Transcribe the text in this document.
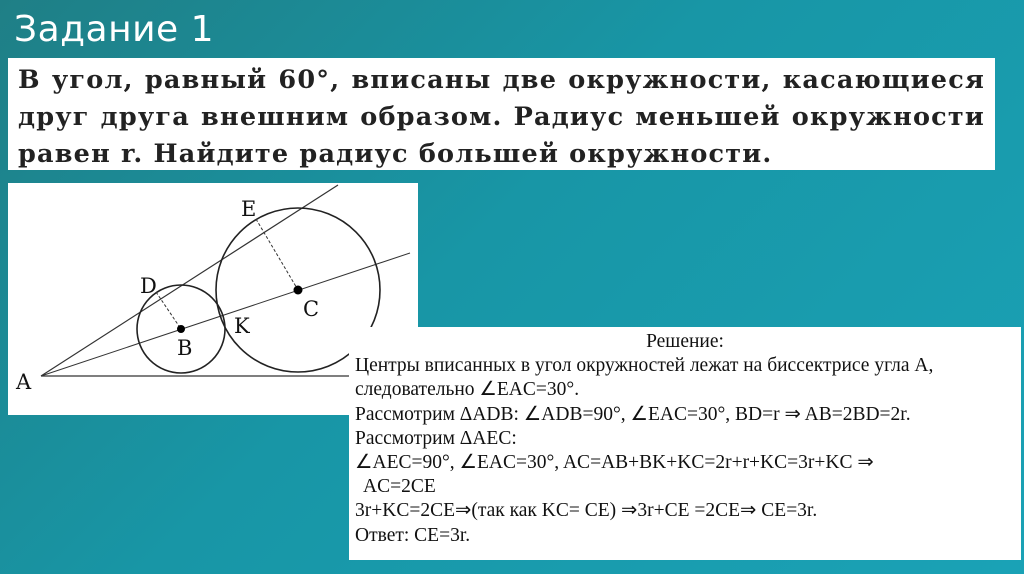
Задание 1
В угол, равный 60°, вписаны две окружности, касающиеся друг друга внешним образом. Радиус меньшей окружности равен r. Найдите радиус большей окружности.
A
B
C
D
E
K
Решение:
Центры вписанных в угол окружностей лежат на биссектрисе угла А,
следовательно ∠EAC=30°.
Рассмотрим ΔADB: ∠ADB=90°, ∠EAC=30°, BD=r ⇒ AB=2BD=2r.
Рассмотрим ΔAEC:
∠AEC=90°, ∠EAC=30°, AC=AB+BK+KC=2r+r+KC=3r+KC ⇒
AC=2CE
3r+KC=2CE⇒(так как KC= CE) ⇒3r+CE =2CE⇒ CE=3r.
Ответ: CE=3r.
